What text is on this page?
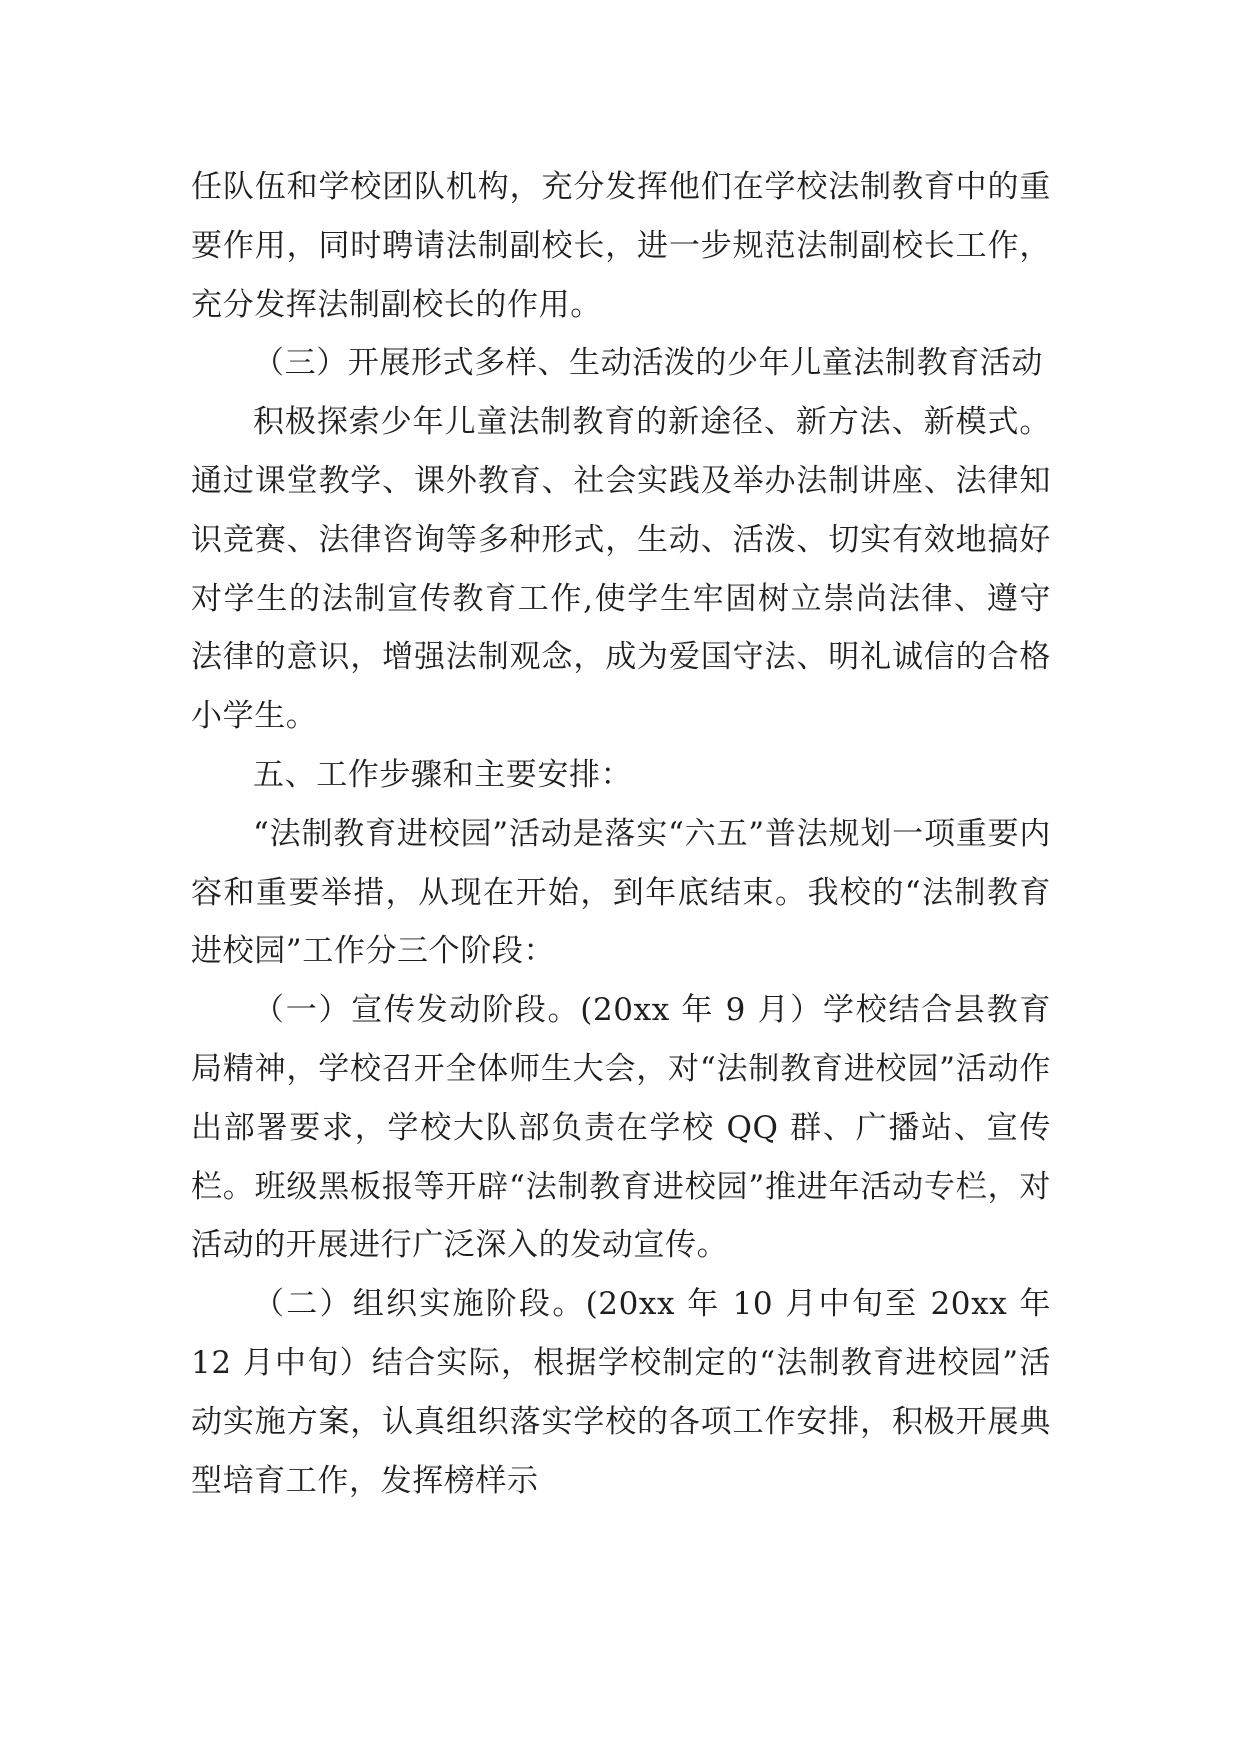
任队伍和学校团队机构，充分发挥他们在学校法制教育中的重要作用，同时聘请法制副校长，进一步规范法制副校长工作，充分发挥法制副校长的作用。

（三）开展形式多样、生动活泼的少年儿童法制教育活动

积极探索少年儿童法制教育的新途径、新方法、新模式。通过课堂教学、课外教育、社会实践及举办法制讲座、法律知识竞赛、法律咨询等多种形式，生动、活泼、切实有效地搞好对学生的法制宣传教育工作,使学生牢固树立崇尚法律、遵守法律的意识，增强法制观念，成为爱国守法、明礼诚信的合格小学生。

五、工作步骤和主要安排：

“法制教育进校园”活动是落实“六五”普法规划一项重要内容和重要举措，从现在开始，到年底结束。我校的“法制教育进校园”工作分三个阶段：

（一）宣传发动阶段。(20xx 年 9 月）学校结合县教育局精神，学校召开全体师生大会，对“法制教育进校园”活动作出部署要求，学校大队部负责在学校 QQ 群、广播站、宣传栏。班级黑板报等开辟“法制教育进校园”推进年活动专栏，对活动的开展进行广泛深入的发动宣传。

（二）组织实施阶段。(20xx 年 10 月中旬至 20xx 年 12 月中旬）结合实际，根据学校制定的“法制教育进校园”活动实施方案，认真组织落实学校的各项工作安排，积极开展典型培育工作，发挥榜样示
